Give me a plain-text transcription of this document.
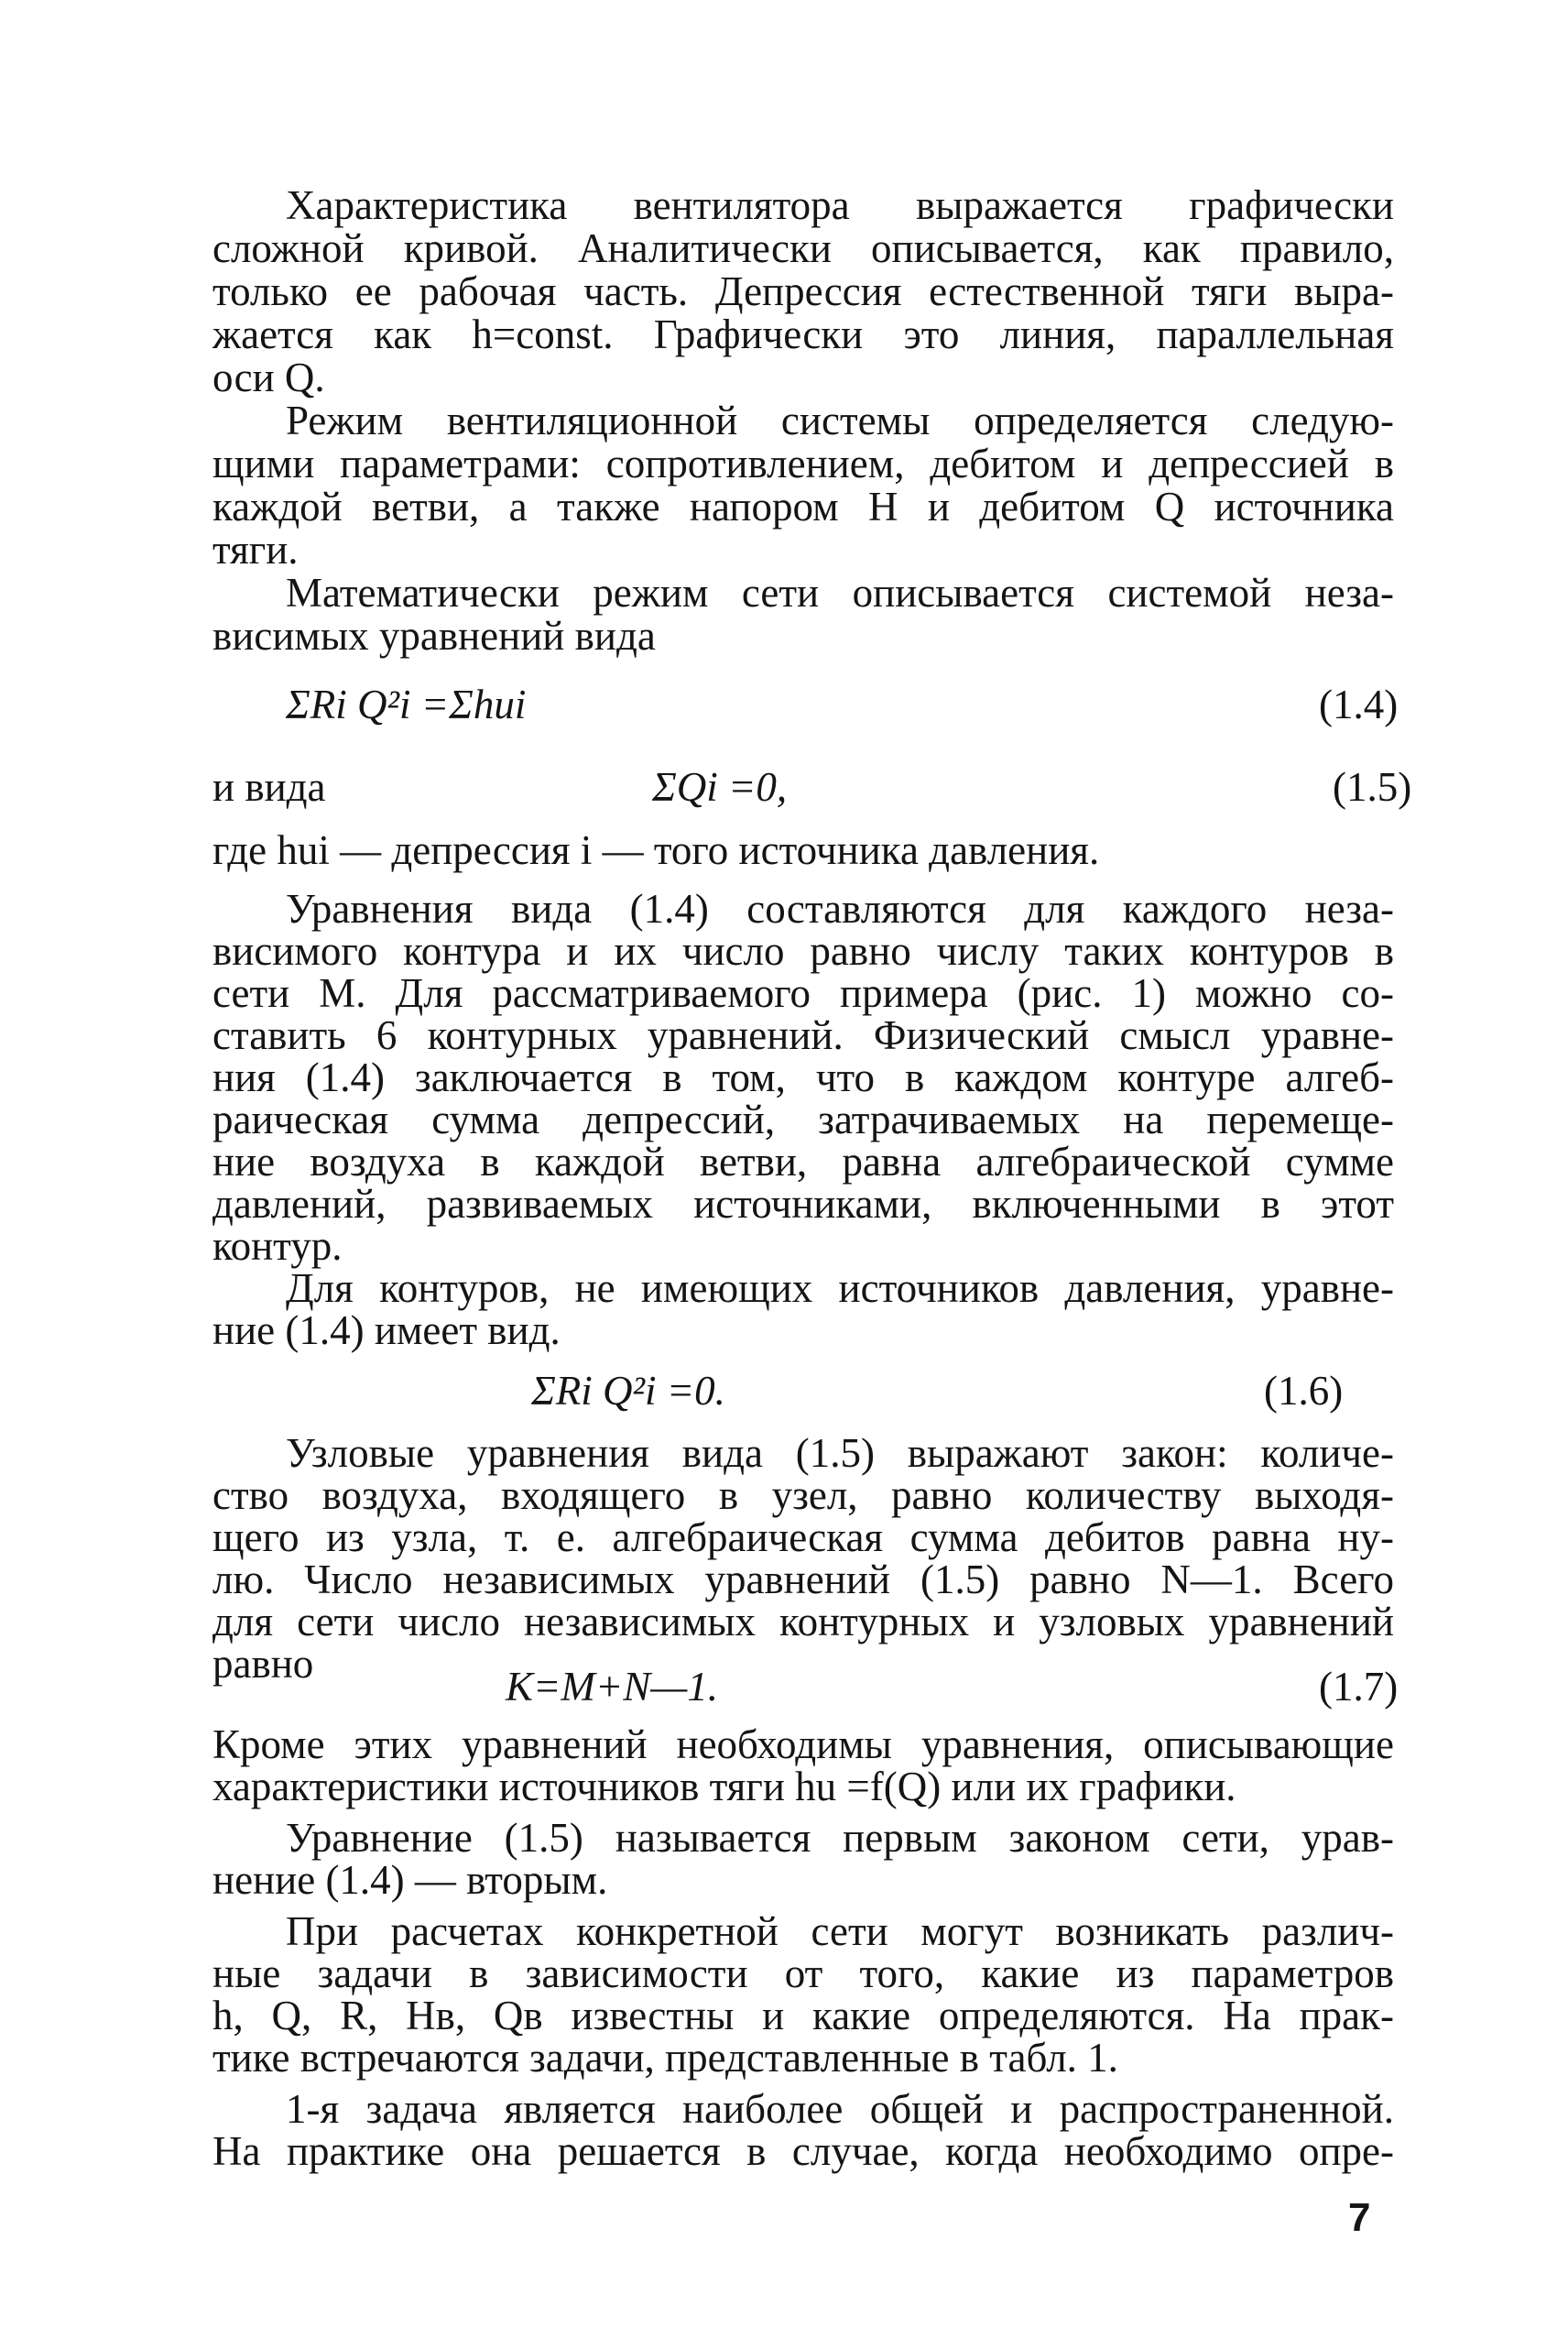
Характеристика вентилятора выражается графически
сложной кривой. Аналитически описывается, как правило,
только ее рабочая часть. Депрессия естественной тяги выра-
жается как h=const. Графически это линия, параллельная
оси Q.
Режим вентиляционной системы определяется следую-
щими параметрами: сопротивлением, дебитом и депрессией в
каждой ветви, а также напором H и дебитом Q источника
тяги.
Математически режим сети описывается системой неза-
висимых уравнений вида
ΣRi Q²i =Σhui	(1.4)
и вида	ΣQi =0,	(1.5)
где hui — депрессия i — того источника давления.
Уравнения вида (1.4) составляются для каждого неза-
висимого контура и их число равно числу таких контуров в
сети M. Для рассматриваемого примера (рис. 1) можно со-
ставить 6 контурных уравнений. Физический смысл уравне-
ния (1.4) заключается в том, что в каждом контуре алгеб-
раическая сумма депрессий, затрачиваемых на перемеще-
ние воздуха в каждой ветви, равна алгебраической сумме
давлений, развиваемых источниками, включенными в этот
контур.
Для контуров, не имеющих источников давления, уравне-
ние (1.4) имеет вид.
ΣRi Q²i =0.	(1.6)
Узловые уравнения вида (1.5) выражают закон: количе-
ство воздуха, входящего в узел, равно количеству выходя-
щего из узла, т. е. алгебраическая сумма дебитов равна ну-
лю. Число независимых уравнений (1.5) равно N—1. Всего
для сети число независимых контурных и узловых уравнений
равно	K=M+N—1.	(1.7)
Кроме этих уравнений необходимы уравнения, описывающие
характеристики источников тяги hu =f(Q) или их графики.
Уравнение (1.5) называется первым законом сети, урав-
нение (1.4) — вторым.
При расчетах конкретной сети могут возникать различ-
ные задачи в зависимости от того, какие из параметров
h, Q, R, Hв, Qв известны и какие определяются. На прак-
тике встречаются задачи, представленные в табл. 1.
1-я задача является наиболее общей и распространенной.
На практике она решается в случае, когда необходимо опре-
7
